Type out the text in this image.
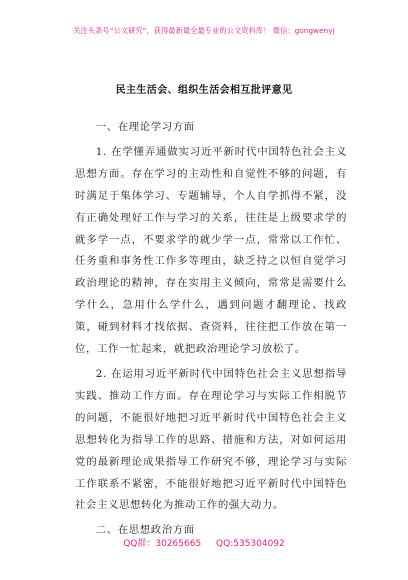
关注头条号“公文研究”，获得最新最全最专业的公文资料库！ 微信：gongwenyj
民主生活会、组织生活会相互批评意见

一、在理论学习方面

1. 在学懂弄通做实习近平新时代中国特色社会主义思想方面。存在学习的主动性和自觉性不够的问题，有时满足于集体学习、专题辅导，个人自学抓得不紧，没有正确处理好工作与学习的关系，往往是上级要求学的就多学一点，不要求学的就少学一点，常常以工作忙、任务重和事务性工作多等理由，缺乏持之以恒自觉学习政治理论的精神，存在实用主义倾向，常常是需要什么学什么，急用什么学什么，遇到问题才翻理论、找政策，碰到材料才找依据、查资料，往往把工作放在第一位，工作一忙起来，就把政治理论学习放松了。

2. 在运用习近平新时代中国特色社会主义思想指导实践、推动工作方面。存在理论学习与实际工作相脱节的问题，不能很好地把习近平新时代中国特色社会主义思想转化为指导工作的思路、措施和方法，对如何运用党的最新理论成果指导工作研究不够，理论学习与实际工作联系不紧密，不能很好地把习近平新时代中国特色社会主义思想转化为推动工作的强大动力。

二、在思想政治方面

QQ群：30265665 QQ:535304092
